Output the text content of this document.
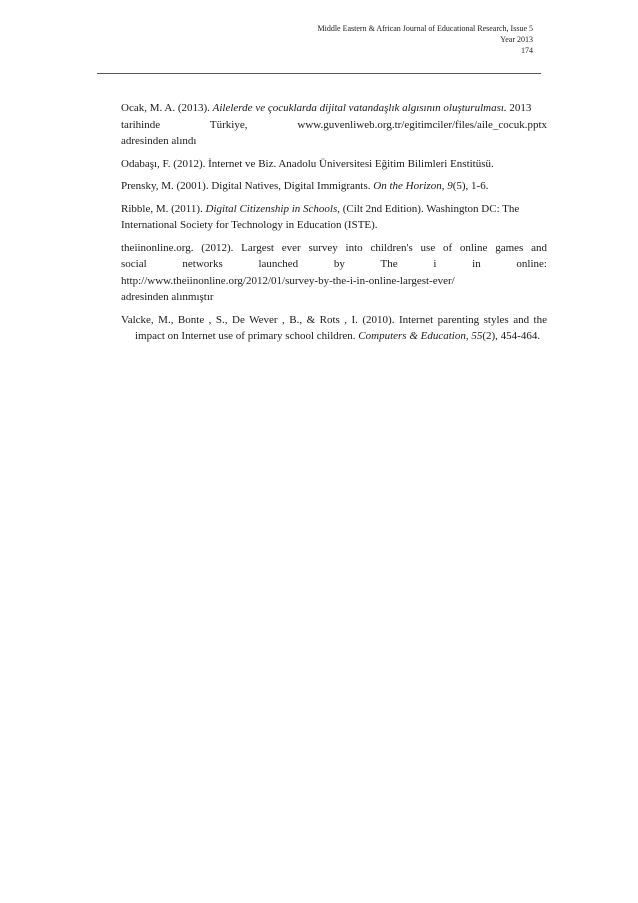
Middle Eastern & African Journal of Educational Research, Issue 5
Year 2013
174

Ocak, M. A. (2013). Ailelerde ve çocuklarda dijital vatandaşlık algısının oluşturulması. 2013
tarihinde	Türkiye,	www.guvenliweb.org.tr/egitimciler/files/aile_cocuk.pptx
adresinden alındı

Odabaşı, F. (2012). İnternet ve Biz. Anadolu Üniversitesi Eğitim Bilimleri Enstitüsü.

Prensky, M. (2001). Digital Natives, Digital Immigrants. On the Horizon, 9(5), 1-6.

Ribble, M. (2011). Digital Citizenship in Schools, (Cilt 2nd Edition). Washington DC: The
International Society for Technology in Education (ISTE).

theiinonline.org. (2012). Largest ever survey into children's use of online games and
social networks launched by The i in online:
http://www.theiinonline.org/2012/01/survey-by-the-i-in-online-largest-ever/
adresinden alınmıştır

Valcke, M., Bonte , S., De Wever , B., & Rots , I. (2010). Internet parenting styles and the impact on Internet use of primary school children. Computers & Education, 55(2), 454-464.
